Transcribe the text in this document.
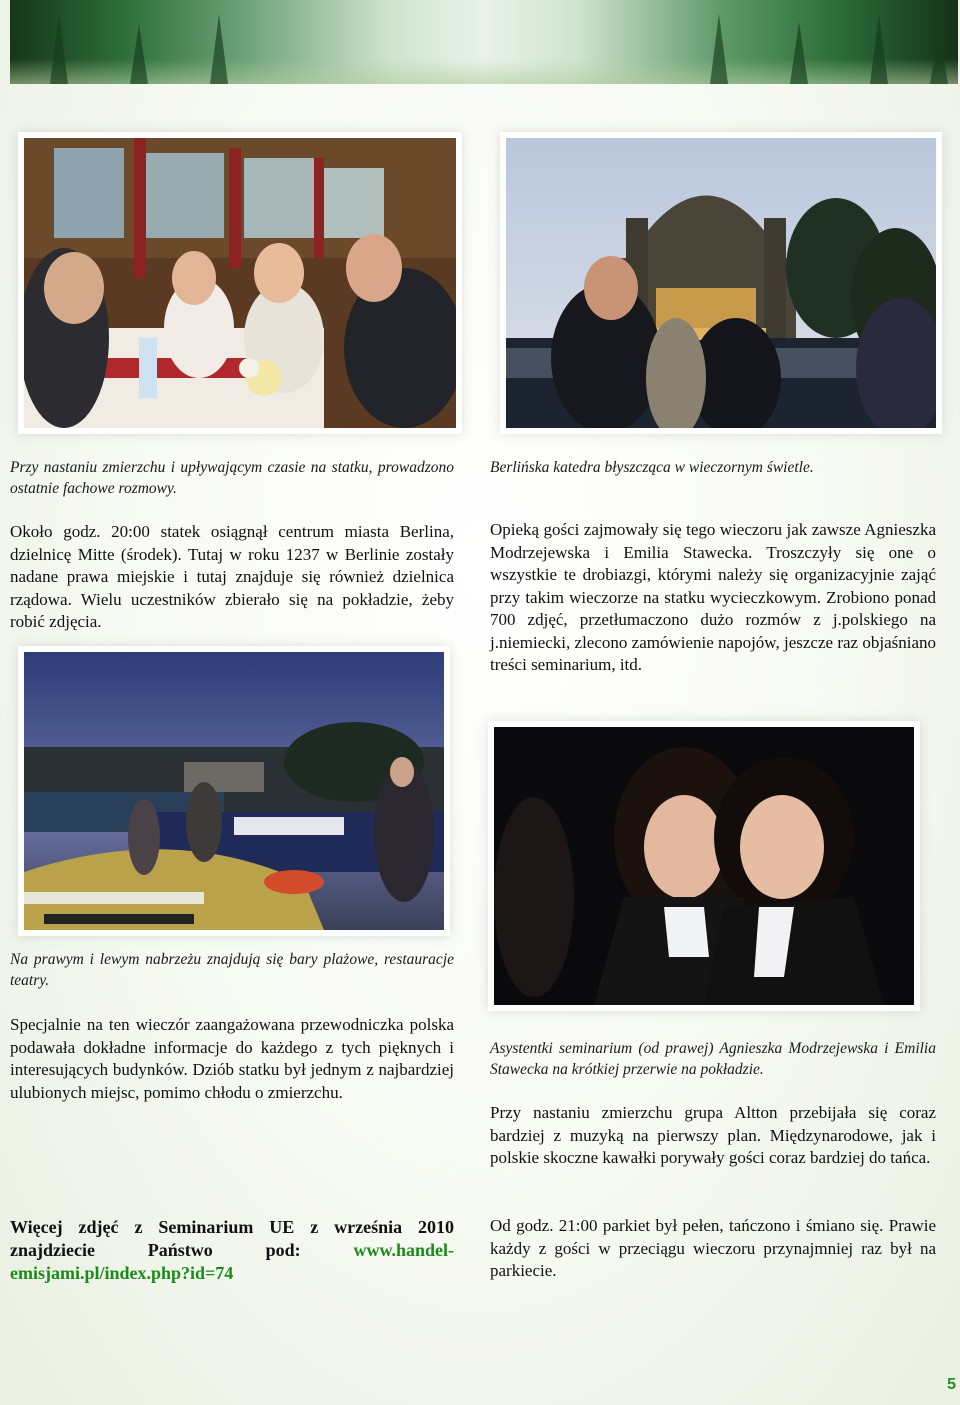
Przy nastaniu zmierzchu i upływającym czasie na statku, prowadzono ostatnie fachowe rozmowy.
Około godz. 20:00 statek osiągnął centrum miasta Berlina, dzielnicę Mitte (środek). Tutaj w roku 1237 w Berlinie zostały nadane prawa miejskie i tutaj znajduje się również dzielnica rządowa. Wielu uczestników zbierało się na pokładzie, żeby robić zdjęcia.
Na prawym i lewym nabrzeżu znajdują się bary plażowe, restauracje teatry.
Specjalnie na ten wieczór zaangażowana przewodniczka polska podawała dokładne informacje do każdego z tych pięknych i interesujących budynków. Dziób statku był jednym z najbardziej ulubionych miejsc, pomimo chłodu o zmierzchu.
Więcej zdjęć z Seminarium UE z września 2010 znajdziecie Państwo pod:	www.handel-emisjami.pl/index.php?id=74
Berlińska katedra błyszcząca w wieczornym świetle.
Opieką gości zajmowały się tego wieczoru jak zawsze Agnieszka Modrzejewska i Emilia Stawecka. Troszczyły się one o wszystkie te drobiazgi, którymi należy się organizacyjnie zająć przy takim wieczorze na statku wycieczkowym. Zrobiono ponad 700 zdjęć, przetłumaczono dużo rozmów z j.polskiego na j.niemiecki, zlecono zamówienie napojów, jeszcze raz objaśniano treści seminarium, itd.
Asystentki seminarium (od prawej) Agnieszka Modrzejewska i Emilia Stawecka na krótkiej przerwie na pokładzie.
Przy nastaniu zmierzchu grupa Altton przebijała się coraz bardziej z muzyką na pierwszy plan. Międzynarodowe, jak i polskie skoczne kawałki porywały gości coraz bardziej do tańca.
Od godz. 21:00 parkiet był pełen, tańczono i śmiano się. Prawie każdy z gości w przeciągu wieczoru przynajmniej raz był na parkiecie.
5
